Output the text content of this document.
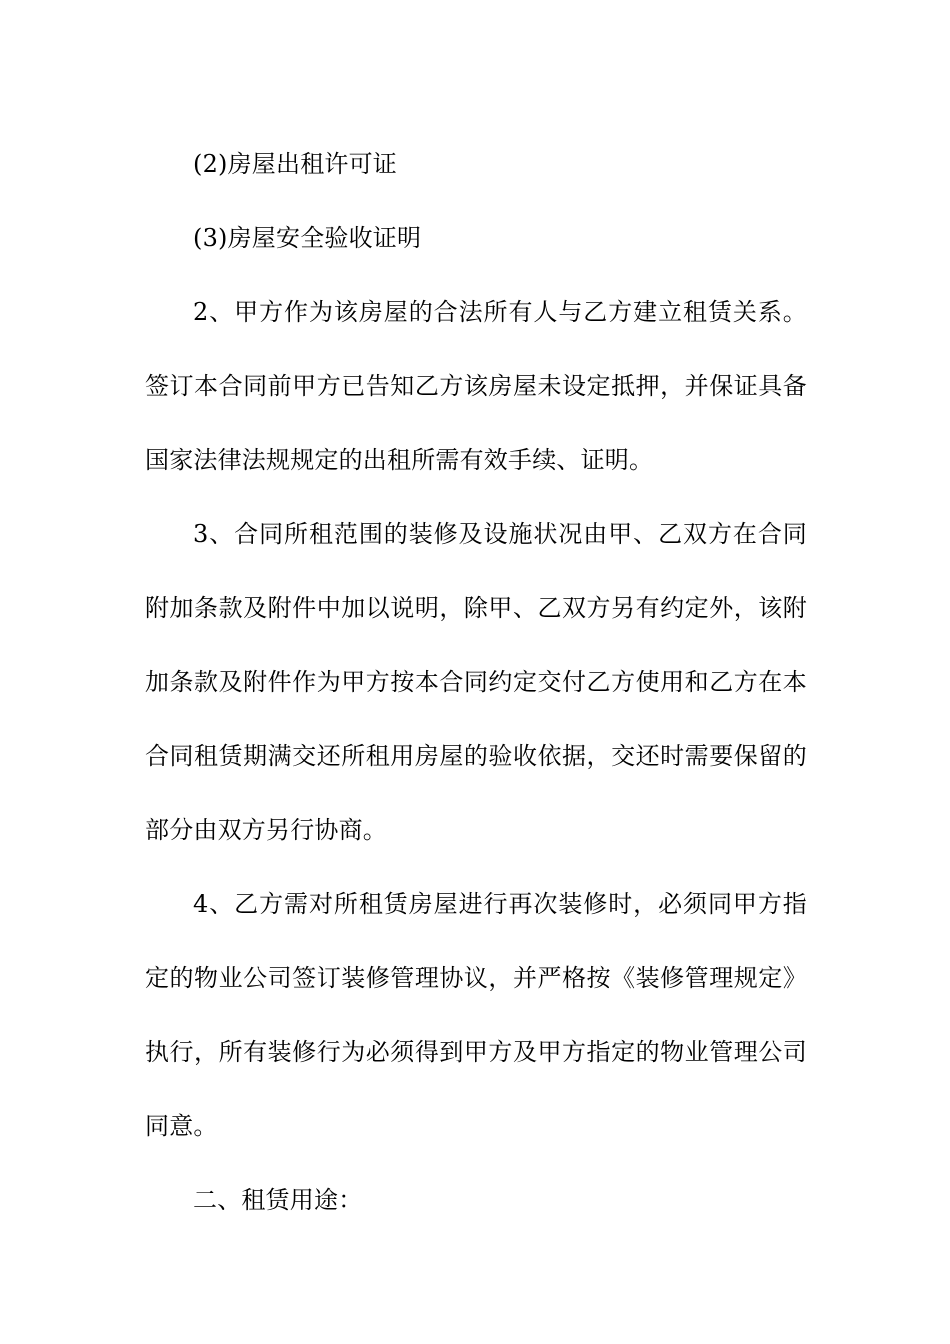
(2)房屋出租许可证

(3)房屋安全验收证明

2、甲方作为该房屋的合法所有人与乙方建立租赁关系。签订本合同前甲方已告知乙方该房屋未设定抵押，并保证具备国家法律法规规定的出租所需有效手续、证明。

3、合同所租范围的装修及设施状况由甲、乙双方在合同附加条款及附件中加以说明，除甲、乙双方另有约定外，该附加条款及附件作为甲方按本合同约定交付乙方使用和乙方在本合同租赁期满交还所租用房屋的验收依据，交还时需要保留的部分由双方另行协商。

4、乙方需对所租赁房屋进行再次装修时，必须同甲方指定的物业公司签订装修管理协议，并严格按《装修管理规定》执行，所有装修行为必须得到甲方及甲方指定的物业管理公司同意。

二、租赁用途：
